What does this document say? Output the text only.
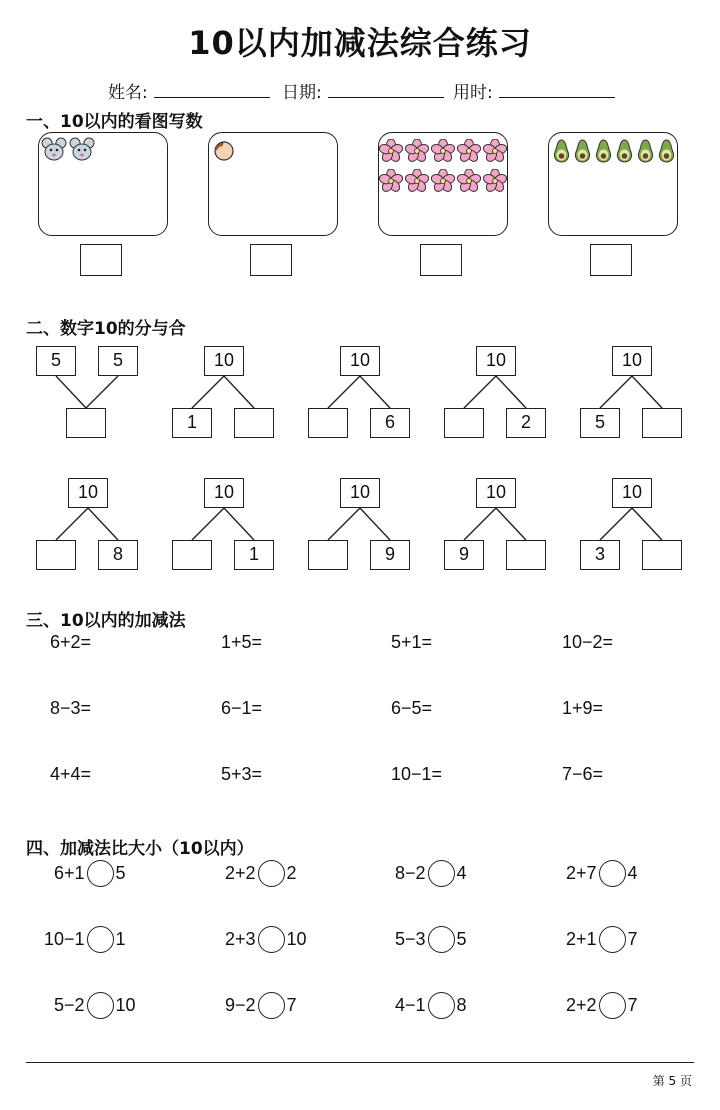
10以内加减法综合练习
姓名:	日期:	用时:
一、10以内的看图写数
二、数字10的分与合
5	5	10
1
10
6
10
2
10
5
10
8
10
1
10
9
10
9
10
3
三、10以内的加减法
6+2=	1+5=	5+1=	10−2=
8−3=	6−1=	6−5=	1+9=
4+4=	5+3=	10−1=	7−6=
四、加减法比大小（10以内）
6+1 5	2+2 2	8−2 4	2+7 4
10−1 1	2+3 10	5−3 5	2+1 7
5−2 10	9−2 7	4−1 8	2+2 7
第 5 页
